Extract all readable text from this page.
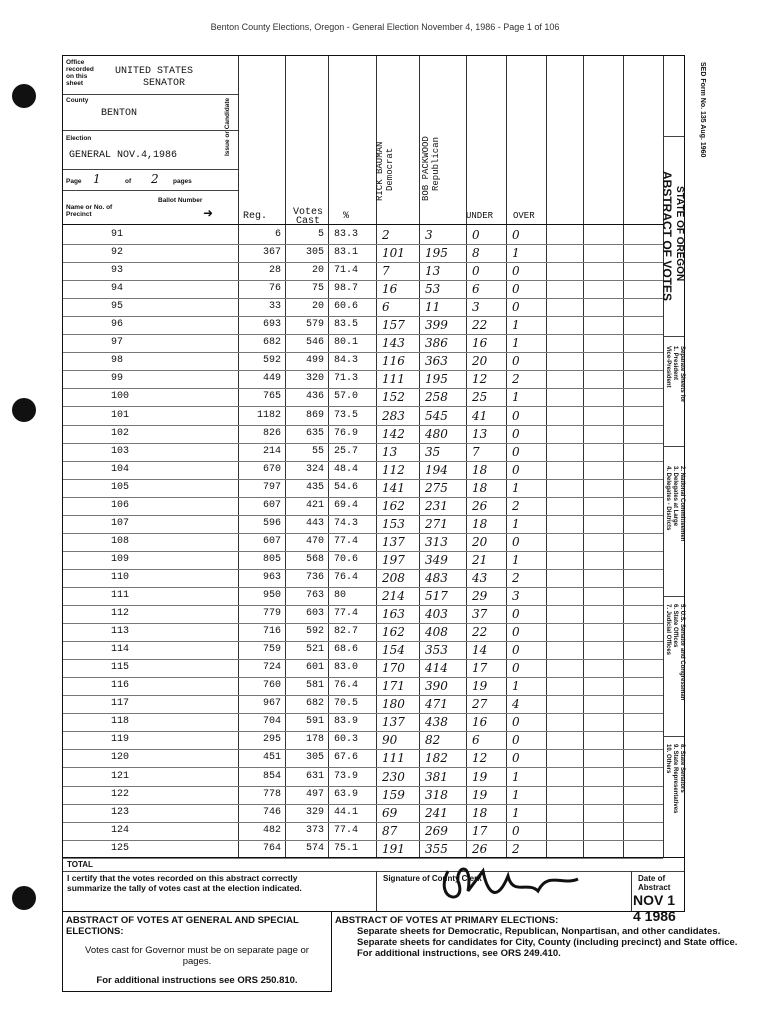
Benton County Elections, Oregon - General Election November 4, 1986 - Page 1 of 106
Office recorded on this sheet
UNITED STATES
SENATOR
County
BENTON
Election
GENERAL NOV.4,1986
Page 1	of 2 pages
Ballot Number
➜
Name or No. of Precinct
Issue or Candidate
Reg.	Votes Cast	%	UNDER OVER
RICK BAUMAN Democrat	BOB PACKWOOD Republican
91	6	5 83.3	2	3	0	0
92	367	305 83.1	101	195	8	1
93	28	20 71.4	7	13	0	0
94	76	75 98.7	16	53	6	0
95	33	20 60.6	6	11	3	0
96	693	579 83.5	157	399	22	1
97	682	546 80.1	143	386	16	1
98	592	499 84.3	116	363	20	0
99	449	320 71.3	111	195	12	2
100	765	436 57.0	152	258	25	1
101	1182	869 73.5	283	545	41	0
102	826	635 76.9	142	480	13	0
103	214	55 25.7	13	35	7	0
104	670	324 48.4	112	194	18	0
105	797	435 54.6	141	275	18	1
106	607	421 69.4	162	231	26	2
107	596	443 74.3	153	271	18	1
108	607	470 77.4	137	313	20	0
109	805	568 70.6	197	349	21	1
110	963	736 76.4	208	483	43	2
111	950	763 80	214	517	29	3
112	779	603 77.4	163	403	37	0
113	716	592 82.7	162	408	22	0
114	759	521 68.6	154	353	14	0
115	724	601 83.0	170	414	17	0
116	760	581 76.4	171	390	19	1
117	967	682 70.5	180	471	27	4
118	704	591 83.9	137	438	16	0
119	295	178 60.3	90	82	6	0
120	451	305 67.6	111	182	12	0
121	854	631 73.9	230	381	19	1
122	778	497 63.9	159	318	19	1
123	746	329 44.1	69	241	18	1
124	482	373 77.4	87	269	17	0
125	764	574 75.1	191	355	26	2
TOTAL
I certify that the votes recorded on this abstract correctly summarize the tally of votes cast at the election indicated.
Signature of County Clerk	Date of Abstract
NOV 1 4 1986
SED Form No. 135 Aug. 1960
STATE OF OREGON
ABSTRACT OF VOTES
Separate Sheets for
1. President
Vice-President
2. National Committeemen
3. Delegates at Large
4. Delegates - Districts
5. U.S. Senator and Congressman
6. State Offices
7. Judicial Offices
8. State Senators
9. State Representatives
10. Others
ABSTRACT OF VOTES AT GENERAL AND SPECIAL ELECTIONS:
Votes cast for Governor must be on separate page or pages.
For additional instructions see ORS 250.810.
ABSTRACT OF VOTES AT PRIMARY ELECTIONS:
Separate sheets for Democratic, Republican, Nonpartisan, and other candidates.
Separate sheets for candidates for City, County (including precinct) and State office.
For additional instructions, see ORS 249.410.
